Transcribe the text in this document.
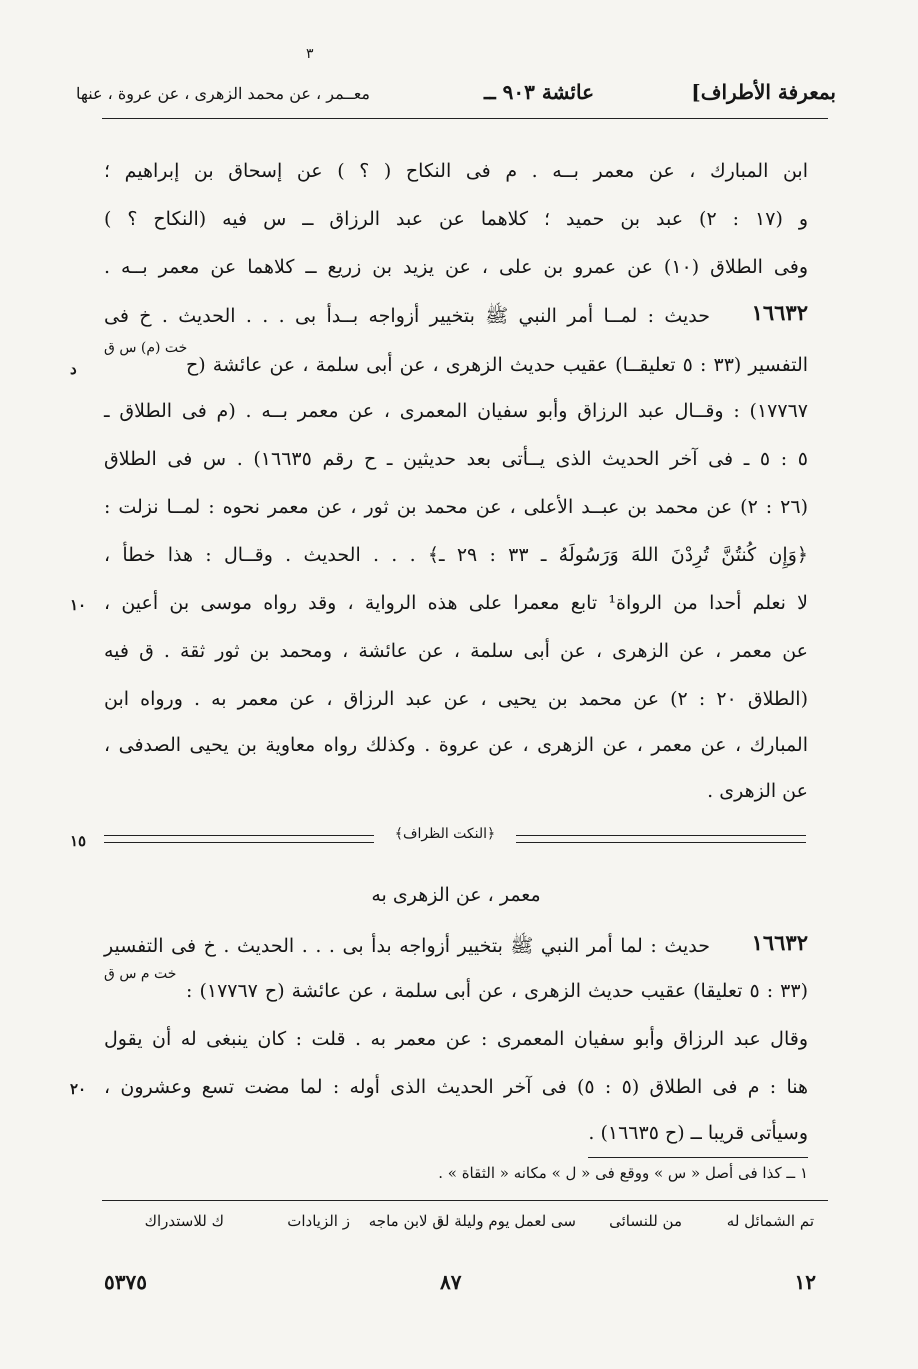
٣
بمعرفة الأطراف]
عائشة ٩٠٣ ــ
معــمر ، عن محمد الزهرى ، عن عروة ، عنها
ابن المبارك ، عن معمر بــه . م فى النكاح ( ؟ ) عن إسحاق بن إبراهيم ؛
و (١٧ : ٢) عبد بن حميد ؛ كلاهما عن عبد الرزاق ــ س فيه (النكاح ؟ )
وفى الطلاق (١٠) عن عمرو بن على ، عن يزيد بن زريع ــ كلاهما عن معمر بــه .
حديث : لمــا أمر النبي ﷺ بتخيير أزواجه بــدأ بى . . . الحديث . خ فى	١٦٦٣٢
خت (م) س ق
التفسير (٣٣ : ٥ تعليقــا) عقيب حديث الزهرى ، عن أبى سلمة ، عن عائشة (ح
د
١٧٧٦٧) : وقــال عبد الرزاق وأبو سفيان المعمرى ، عن معمر بــه . (م فى الطلاق ـ
٥ : ٥ ـ فى آخر الحديث الذى يــأتى بعد حديثين ـ ح رقم ١٦٦٣٥) . س فى الطلاق
(٢٦ : ٢) عن محمد بن عبــد الأعلى ، عن محمد بن ثور ، عن معمر نحوه : لمــا نزلت :
﴿وَإِن كُنتُنَّ تُرِدْنَ اللهَ وَرَسُولَهُ ـ ٣٣ : ٢٩ ـ﴾ . . . الحديث . وقــال : هذا خطأ ،
لا نعلم أحدا من الرواة¹ تابع معمرا على هذه الرواية ، وقد رواه موسى بن أعين ،
١٠
عن معمر ، عن الزهرى ، عن أبى سلمة ، عن عائشة ، ومحمد بن ثور ثقة . ق فيه
(الطلاق ٢٠ : ٢) عن محمد بن يحيى ، عن عبد الرزاق ، عن معمر به . ورواه ابن
المبارك ، عن معمر ، عن الزهرى ، عن عروة . وكذلك رواه معاوية بن يحيى الصدفى ،
عن الزهرى .
﴿النكت الظراف﴾
١٥
معمر ، عن الزهرى به
حديث : لما أمر النبي ﷺ بتخيير أزواجه بدأ بى . . . الحديث . خ فى التفسير	١٦٦٣٢
خت م س ق
(٣٣ : ٥ تعليقا) عقيب حديث الزهرى ، عن أبى سلمة ، عن عائشة (ح ١٧٧٦٧) :
وقال عبد الرزاق وأبو سفيان المعمرى : عن معمر به . قلت : كان ينبغى له أن يقول
هنا : م فى الطلاق (٥ : ٥) فى آخر الحديث الذى أوله : لما مضت تسع وعشرون ،
٢٠
وسيأتى قريبا ــ (ح ١٦٦٣٥) .
١ ــ كذا فى أصل « س » ووقع فى « ل » مكانه « الثقاة » .
تم الشمائل له
من للنسائى
سى لعمل يوم وليلة له
ق لابن ماجه
ز الزيادات
ك للاستدراك
١٢
٨٧
٥٣٧٥
